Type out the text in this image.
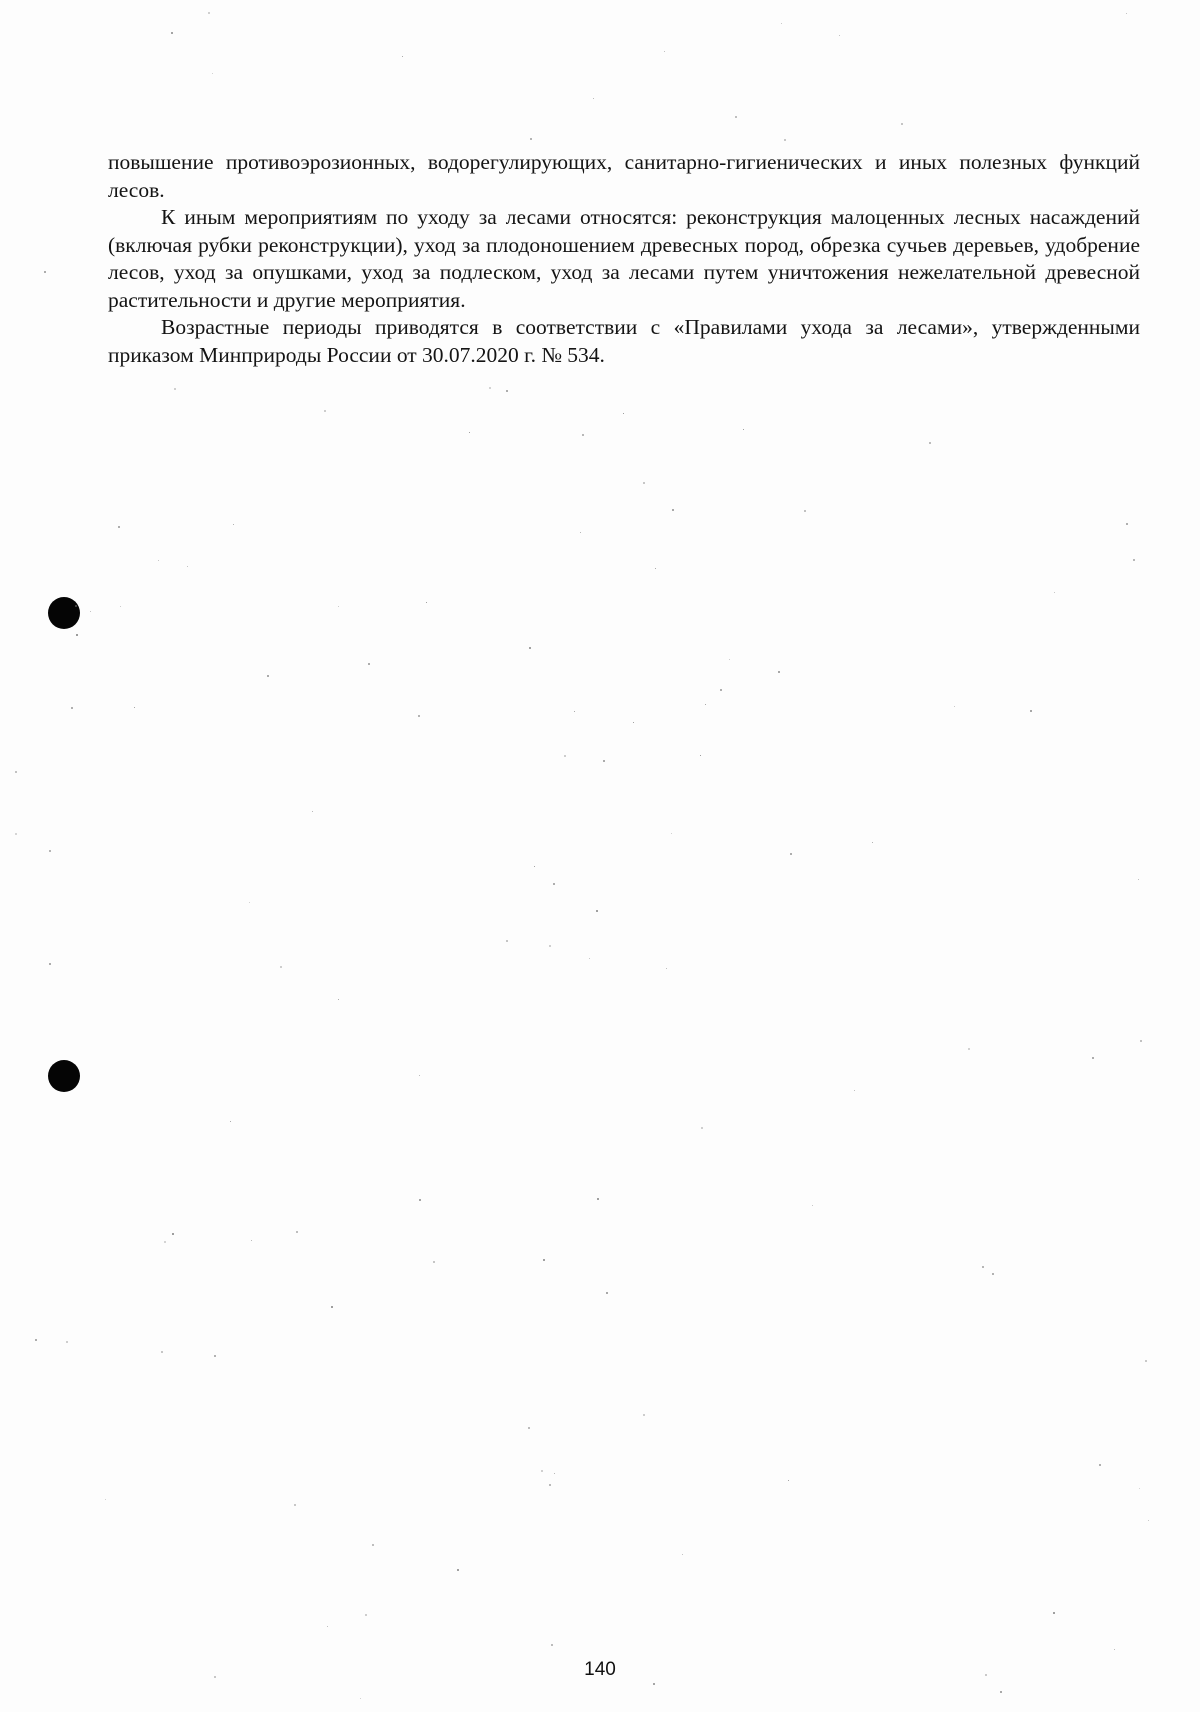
повышение противоэрозионных, водорегулирующих, санитарно-гигиенических и иных полезных функций лесов.

К иным мероприятиям по уходу за лесами относятся: реконструкция малоценных лесных насаждений (включая рубки реконструкции), уход за плодоношением древесных пород, обрезка сучьев деревьев, удобрение лесов, уход за опушками, уход за подлеском, уход за лесами путем уничтожения нежелательной древесной растительности и другие мероприятия.

Возрастные периоды приводятся в соответствии с «Правилами ухода за лесами», утвержденными приказом Минприроды России от 30.07.2020 г. № 534.

140
